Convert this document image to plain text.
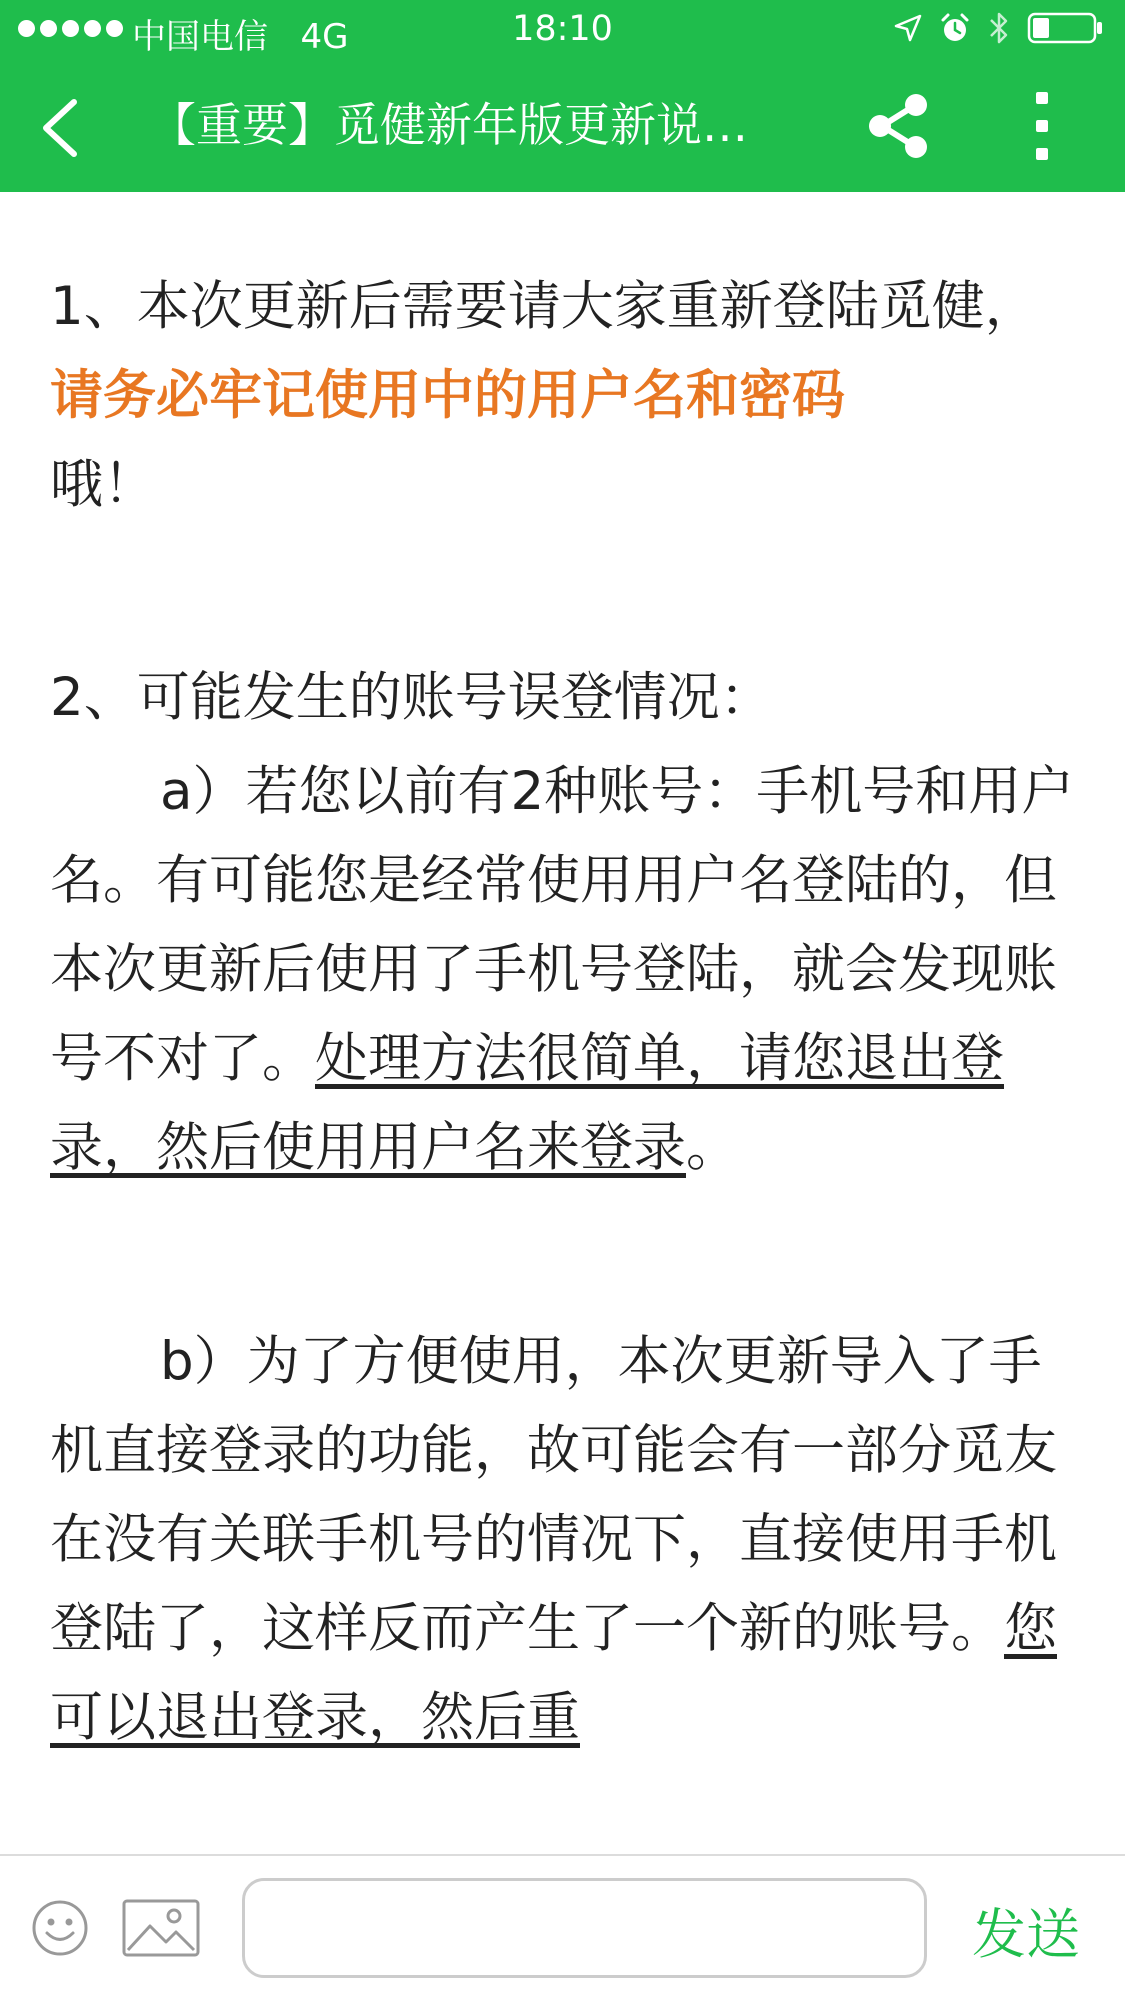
中国电信 4G	18:10
【重要】觅健新年版更新说…

1、本次更新后需要请大家重新登陆觅健，请务必牢记使用中的用户名和密码
哦！

2、可能发生的账号误登情况：

a）若您以前有2种账号：手机号和用户名。有可能您是经常使用用户名登陆的，但本次更新后使用了手机号登陆，就会发现账号不对了。处理方法很简单，请您退出登录，然后使用用户名来登录。

b）为了方便使用，本次更新导入了手机直接登录的功能，故可能会有一部分觅友在没有关联手机号的情况下，直接使用手机登陆了，这样反而产生了一个新的账号。您可以退出登录，然后重

发送
